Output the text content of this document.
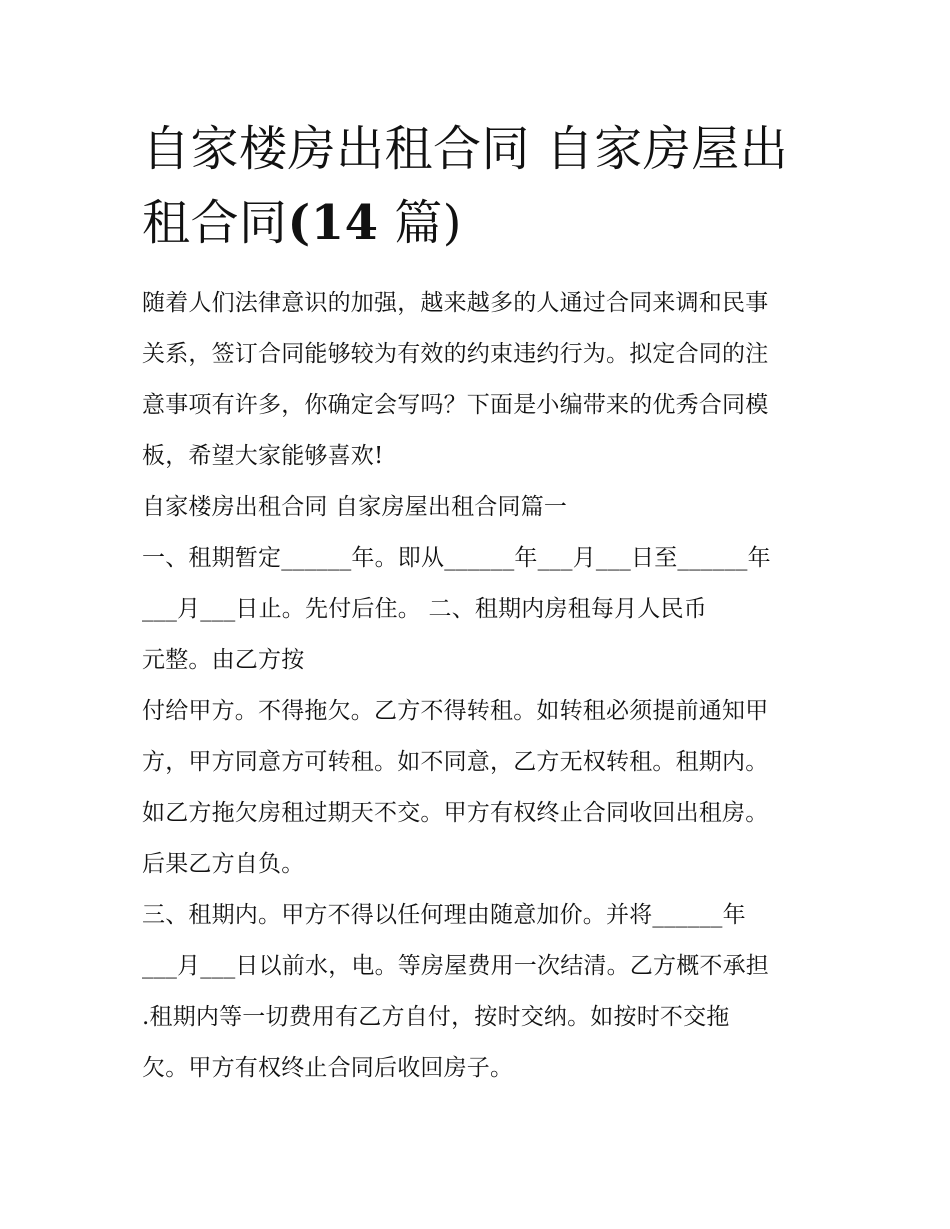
自家楼房出租合同 自家房屋出
租合同(14 篇)

随着人们法律意识的加强，越来越多的人通过合同来调和民事
关系，签订合同能够较为有效的约束违约行为。拟定合同的注
意事项有许多，你确定会写吗？下面是小编带来的优秀合同模
板，希望大家能够喜欢!

自家楼房出租合同 自家房屋出租合同篇一

一、租期暂定______年。即从______年___月___日至______年
___月___日止。先付后住。 二、租期内房租每月人民币
元整。由乙方按

付给甲方。不得拖欠。乙方不得转租。如转租必须提前通知甲
方，甲方同意方可转租。如不同意，乙方无权转租。租期内。
如乙方拖欠房租过期天不交。甲方有权终止合同收回出租房。
后果乙方自负。

三、租期内。甲方不得以任何理由随意加价。并将______年
___月___日以前水，电。等房屋费用一次结清。乙方概不承担
.租期内等一切费用有乙方自付，按时交纳。如按时不交拖
欠。甲方有权终止合同后收回房子。
